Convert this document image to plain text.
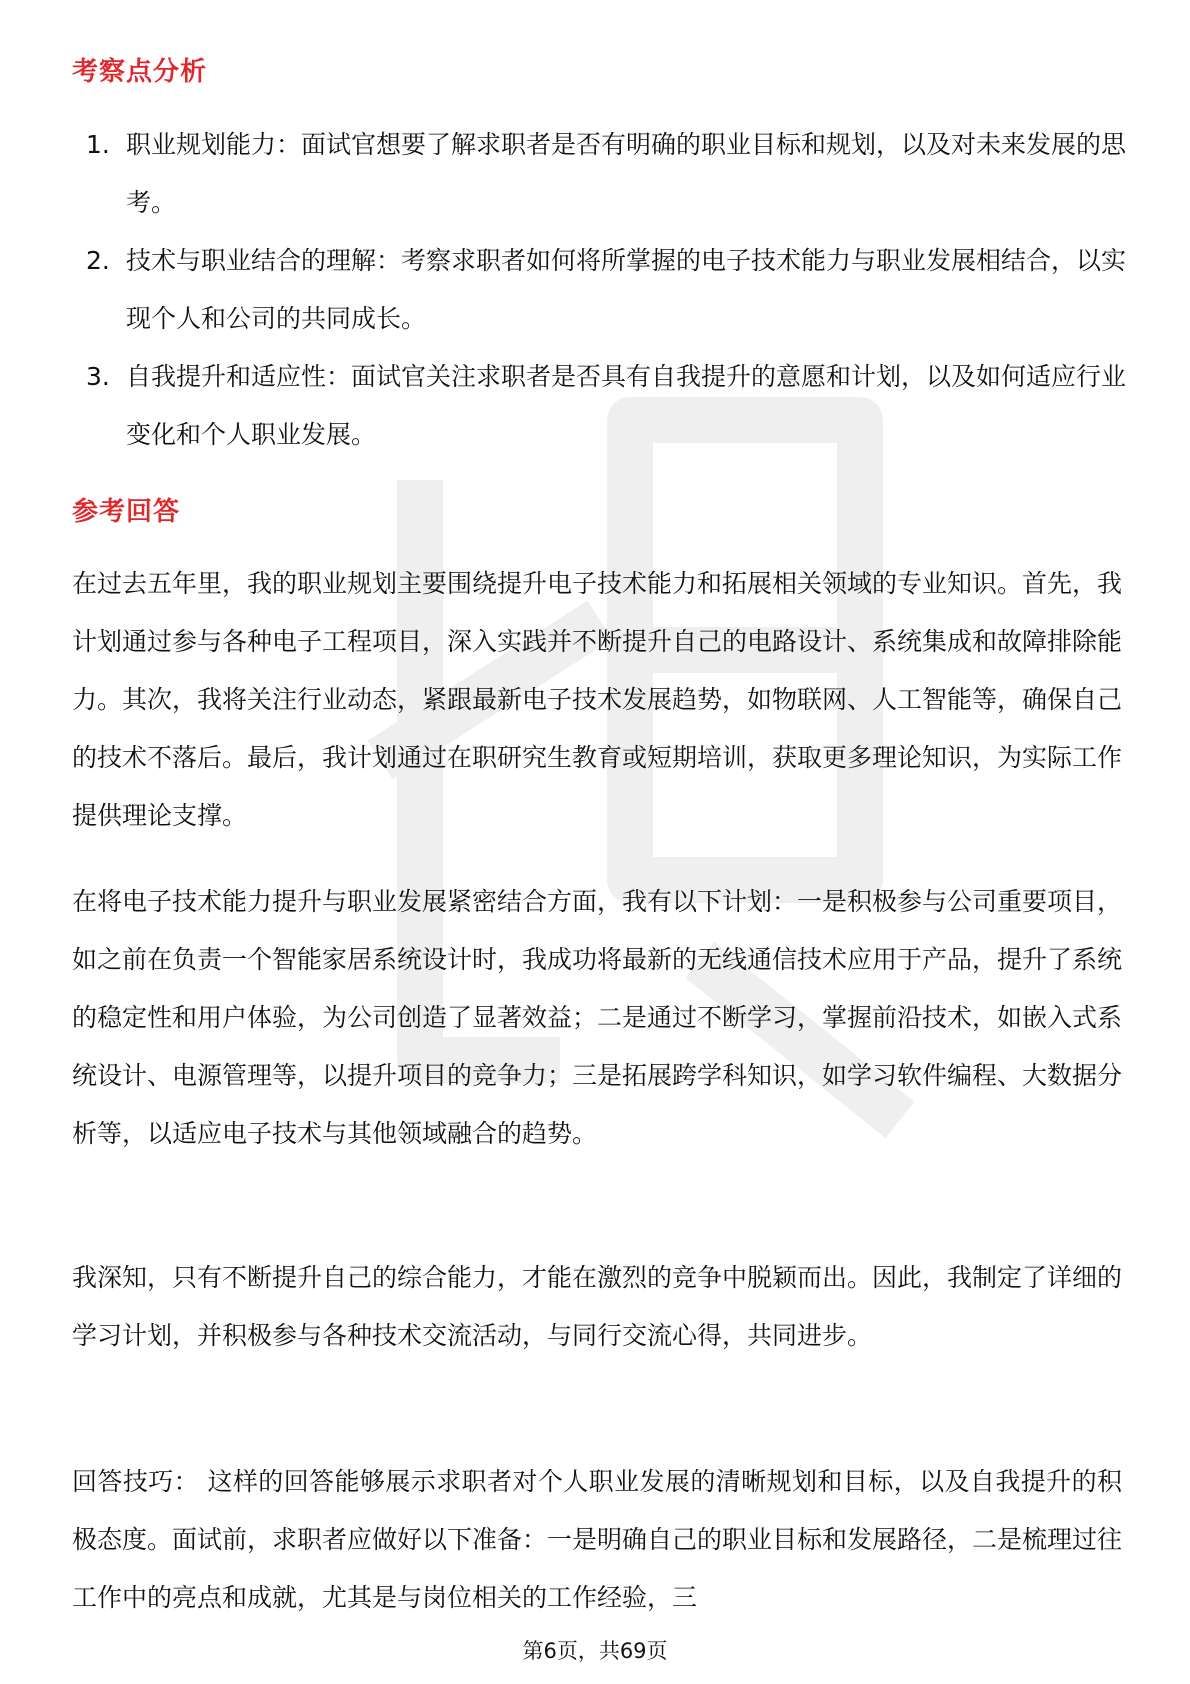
考察点分析
1. 职业规划能力：面试官想要了解求职者是否有明确的职业目标和规划，以及对未来发展的思考。
2. 技术与职业结合的理解：考察求职者如何将所掌握的电子技术能力与职业发展相结合，以实现个人和公司的共同成长。
3. 自我提升和适应性：面试官关注求职者是否具有自我提升的意愿和计划，以及如何适应行业变化和个人职业发展。
参考回答

在过去五年里，我的职业规划主要围绕提升电子技术能力和拓展相关领域的专业知识。首先，我计划通过参与各种电子工程项目，深入实践并不断提升自己的电路设计、系统集成和故障排除能力。其次，我将关注行业动态，紧跟最新电子技术发展趋势，如物联网、人工智能等，确保自己的技术不落后。最后，我计划通过在职研究生教育或短期培训，获取更多理论知识，为实际工作提供理论支撑。

在将电子技术能力提升与职业发展紧密结合方面，我有以下计划：一是积极参与公司重要项目，如之前在负责一个智能家居系统设计时，我成功将最新的无线通信技术应用于产品，提升了系统的稳定性和用户体验，为公司创造了显著效益；二是通过不断学习，掌握前沿技术，如嵌入式系统设计、电源管理等，以提升项目的竞争力；三是拓展跨学科知识，如学习软件编程、大数据分析等，以适应电子技术与其他领域融合的趋势。

我深知，只有不断提升自己的综合能力，才能在激烈的竞争中脱颖而出。因此，我制定了详细的学习计划，并积极参与各种技术交流活动，与同行交流心得，共同进步。

回答技巧： 这样的回答能够展示求职者对个人职业发展的清晰规划和目标，以及自我提升的积极态度。面试前，求职者应做好以下准备：一是明确自己的职业目标和发展路径，二是梳理过往工作中的亮点和成就，尤其是与岗位相关的工作经验，三

第6页，共69页
